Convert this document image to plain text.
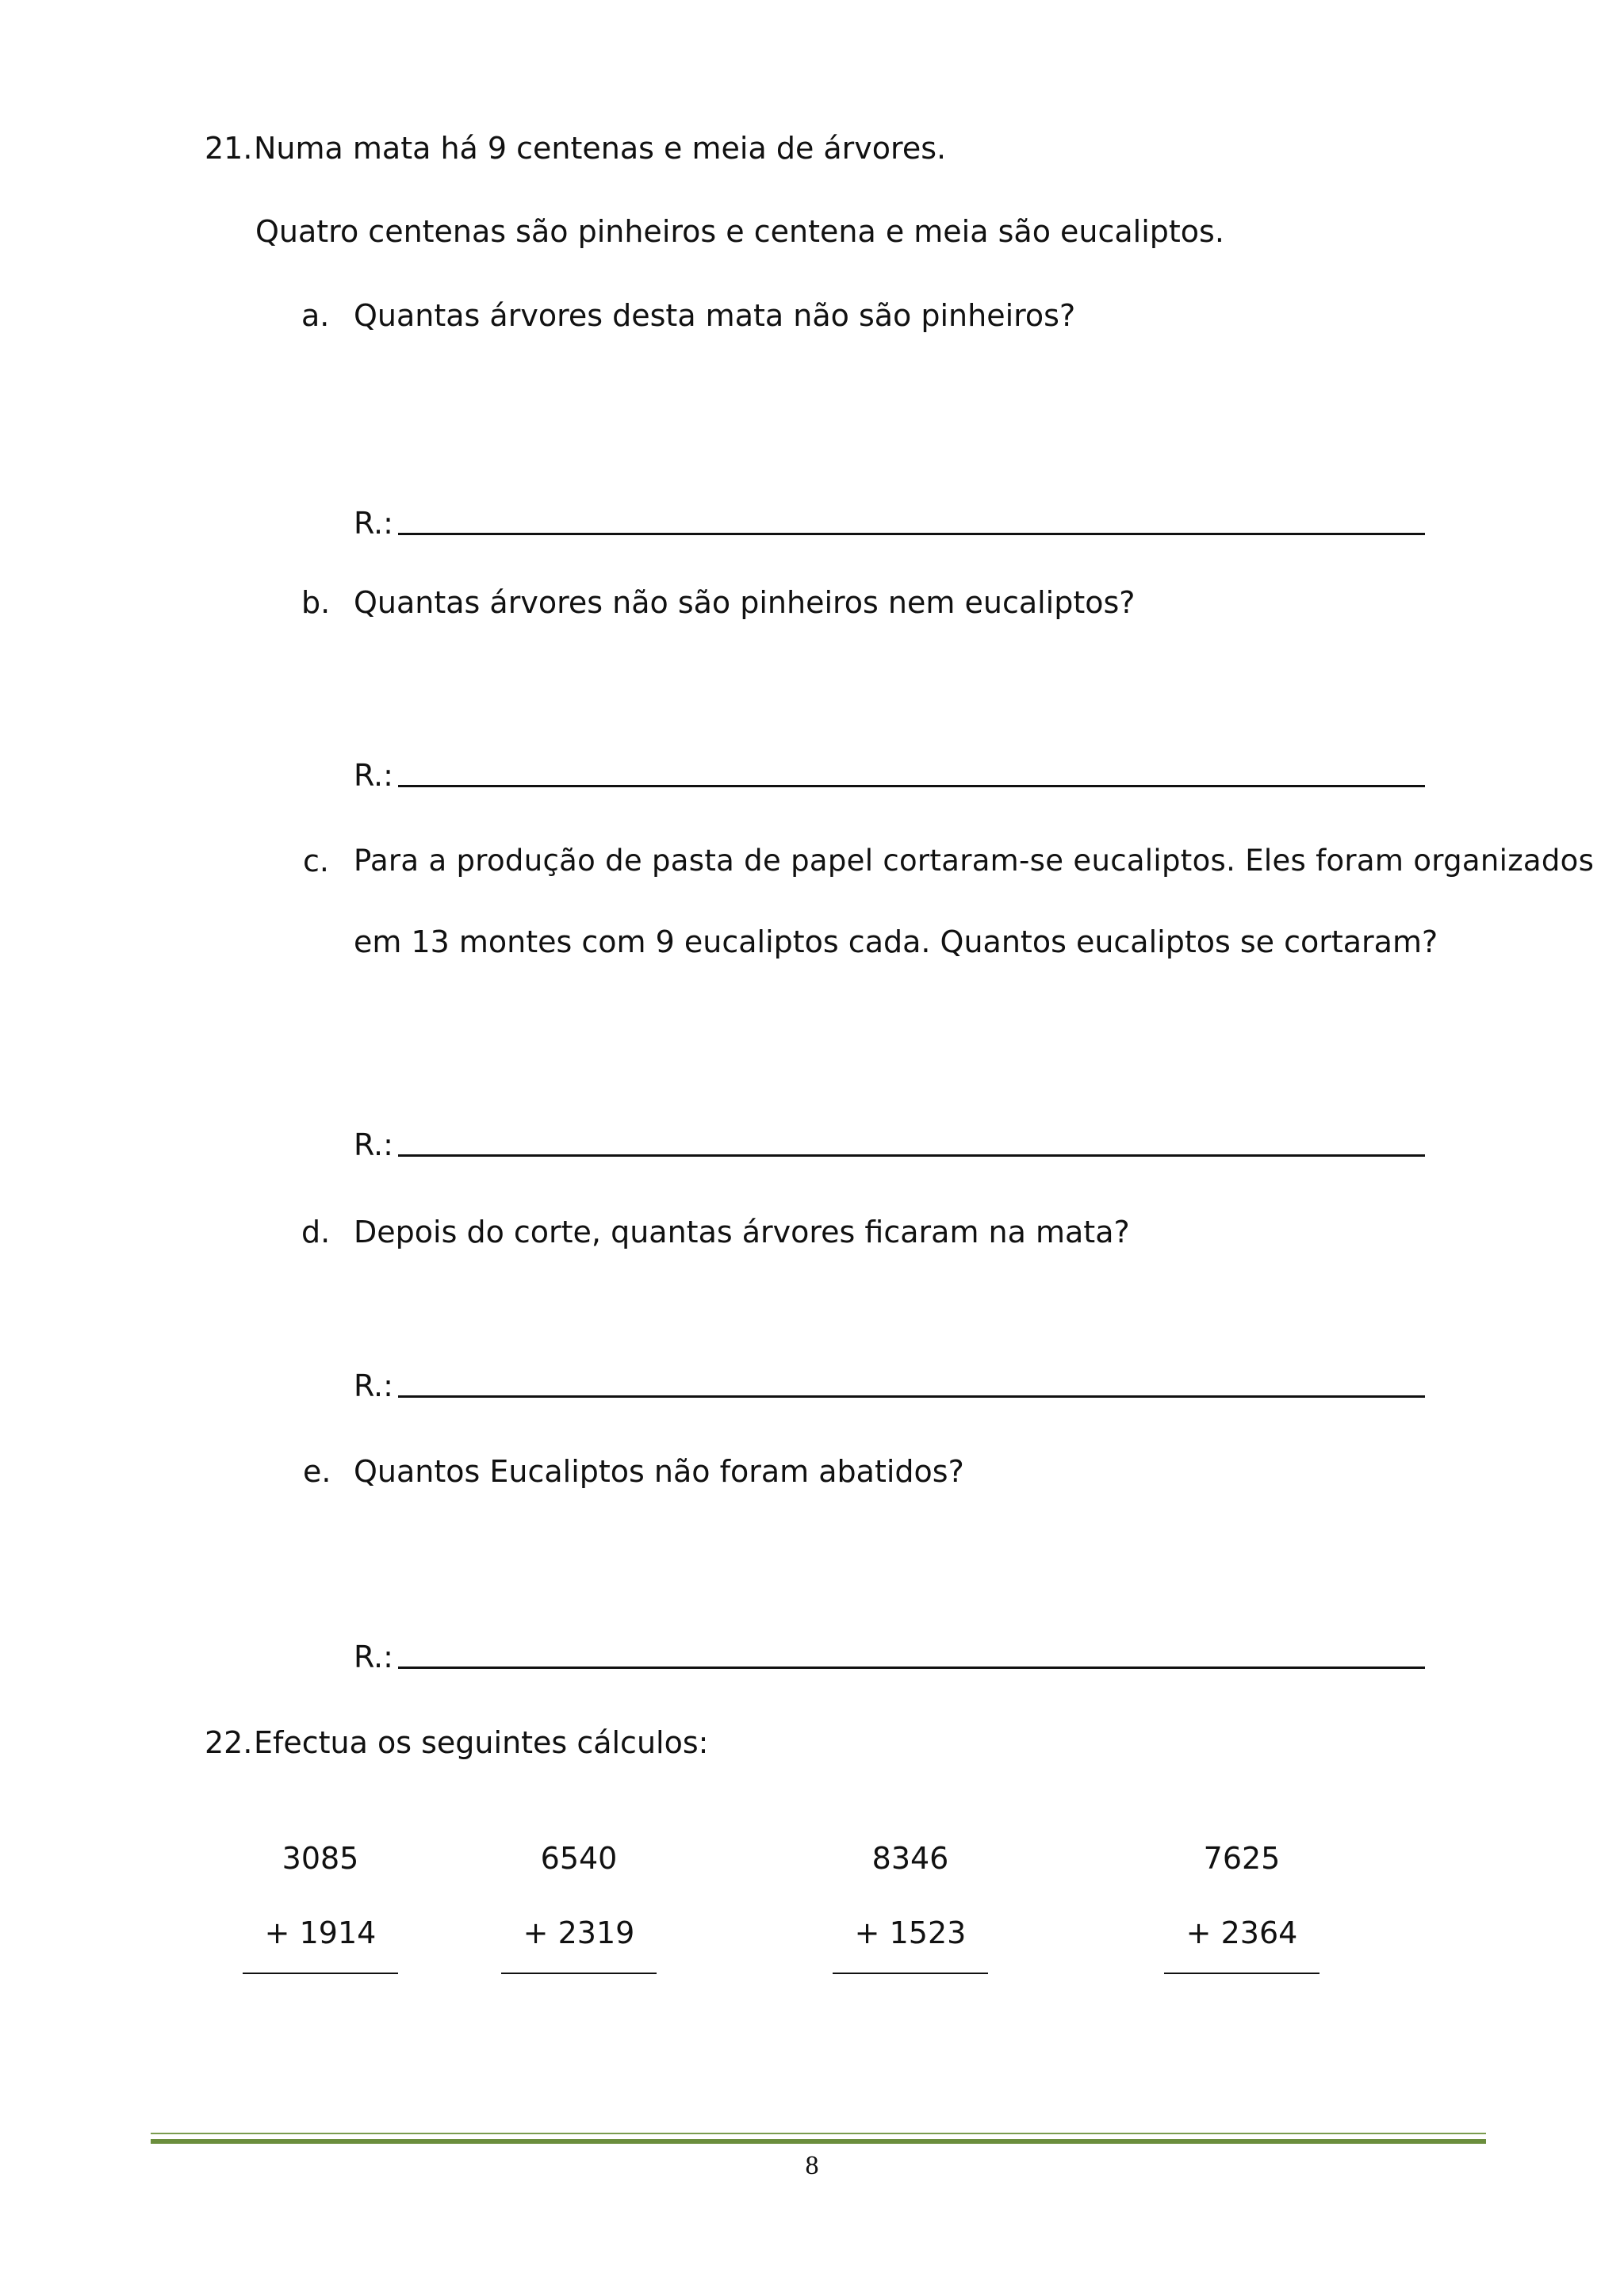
21. Numa mata há 9 centenas e meia de árvores.
Quatro centenas são pinheiros e centena e meia são eucaliptos.
a. Quantas árvores desta mata não são pinheiros?
R.:
b. Quantas árvores não são pinheiros nem eucaliptos?
R.:
c. Para a produção de pasta de papel cortaram-se eucaliptos. Eles foram organizados
em 13 montes com 9 eucaliptos cada. Quantos eucaliptos se cortaram?
R.:
d. Depois do corte, quantas árvores ficaram na mata?
R.:
e. Quantos Eucaliptos não foram abatidos?
R.:
22. Efectua os seguintes cálculos:
3085
+ 1914
6540
+ 2319
8346
+ 1523
7625
+ 2364
8
